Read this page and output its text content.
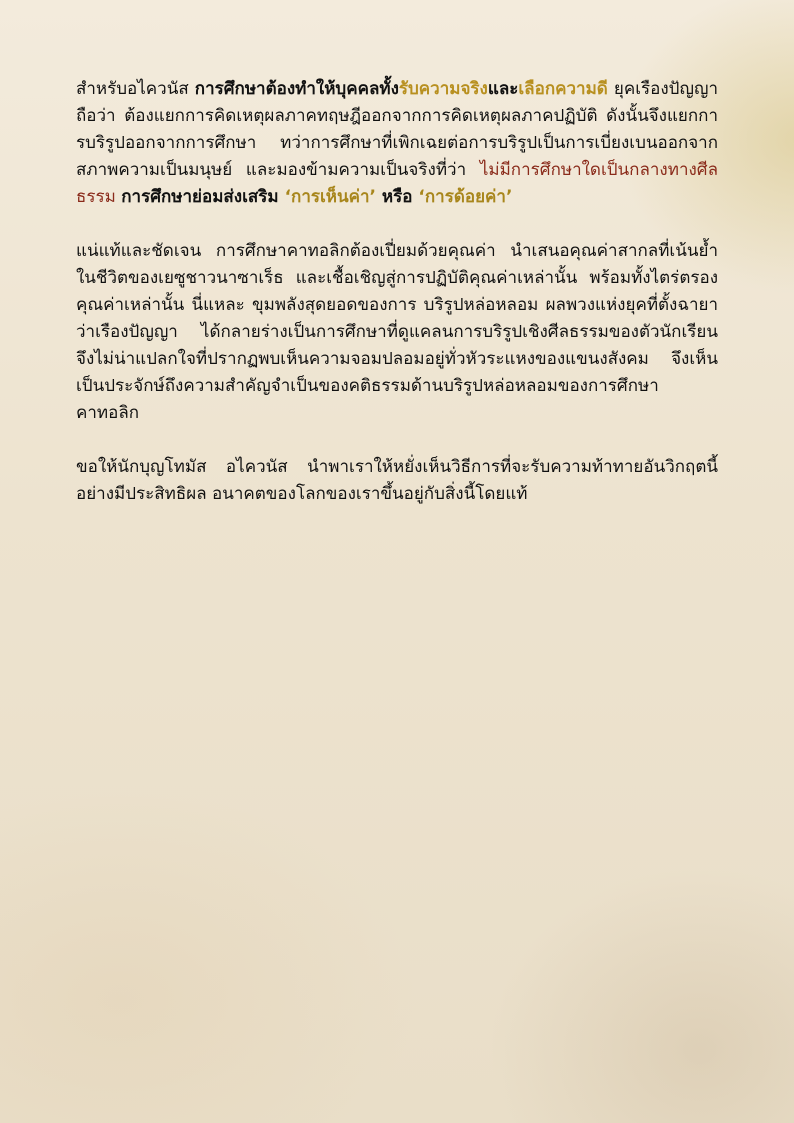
สำหรับอไควนัส การศึกษาต้องทำให้บุคคลทั้งรับความจริงและเลือกความดี ยุคเรืองปัญญาถือว่า ต้องแยกการคิดเหตุผลภาคทฤษฎีออกจากการคิดเหตุผลภาคปฏิบัติ ดังนั้นจึงแยกการบริรูปออกจากการศึกษา ทว่าการศึกษาที่เพิกเฉยต่อการบริรูปเป็นการเบี่ยงเบนออกจากสภาพความเป็นมนุษย์ และมองข้ามความเป็นจริงที่ว่า ไม่มีการศึกษาใดเป็นกลางทางศีลธรรม การศึกษาย่อมส่งเสริม ‘การเห็นค่า’ หรือ ‘การด้อยค่า’

แน่แท้และชัดเจน การศึกษาคาทอลิกต้องเปี่ยมด้วยคุณค่า นำเสนอคุณค่าสากลที่เน้นย้ำในชีวิตของเยซูชาวนาซาเร็ธ และเชื้อเชิญสู่การปฏิบัติคุณค่าเหล่านั้น พร้อมทั้งไตร่ตรองคุณค่าเหล่านั้น นี่แหละ ขุมพลังสุดยอดของการ บริรูปหล่อหลอม ผลพวงแห่งยุคที่ตั้งฉายาว่าเรืองปัญญา ได้กลายร่างเป็นการศึกษาที่ดูแคลนการบริรูปเชิงศีลธรรมของตัวนักเรียน จึงไม่น่าแปลกใจที่ปรากฏพบเห็นความจอมปลอมอยู่ทั่วหัวระแหงของแขนงสังคม จึงเห็นเป็นประจักษ์ถึงความสำคัญจำเป็นของคติธรรมด้านบริรูปหล่อหลอมของการศึกษาคาทอลิก

ขอให้นักบุญโทมัส อไควนัส นำพาเราให้หยั่งเห็นวิธีการที่จะรับความท้าทายอันวิกฤตนี้อย่างมีประสิทธิผล อนาคตของโลกของเราขึ้นอยู่กับสิ่งนี้โดยแท้
